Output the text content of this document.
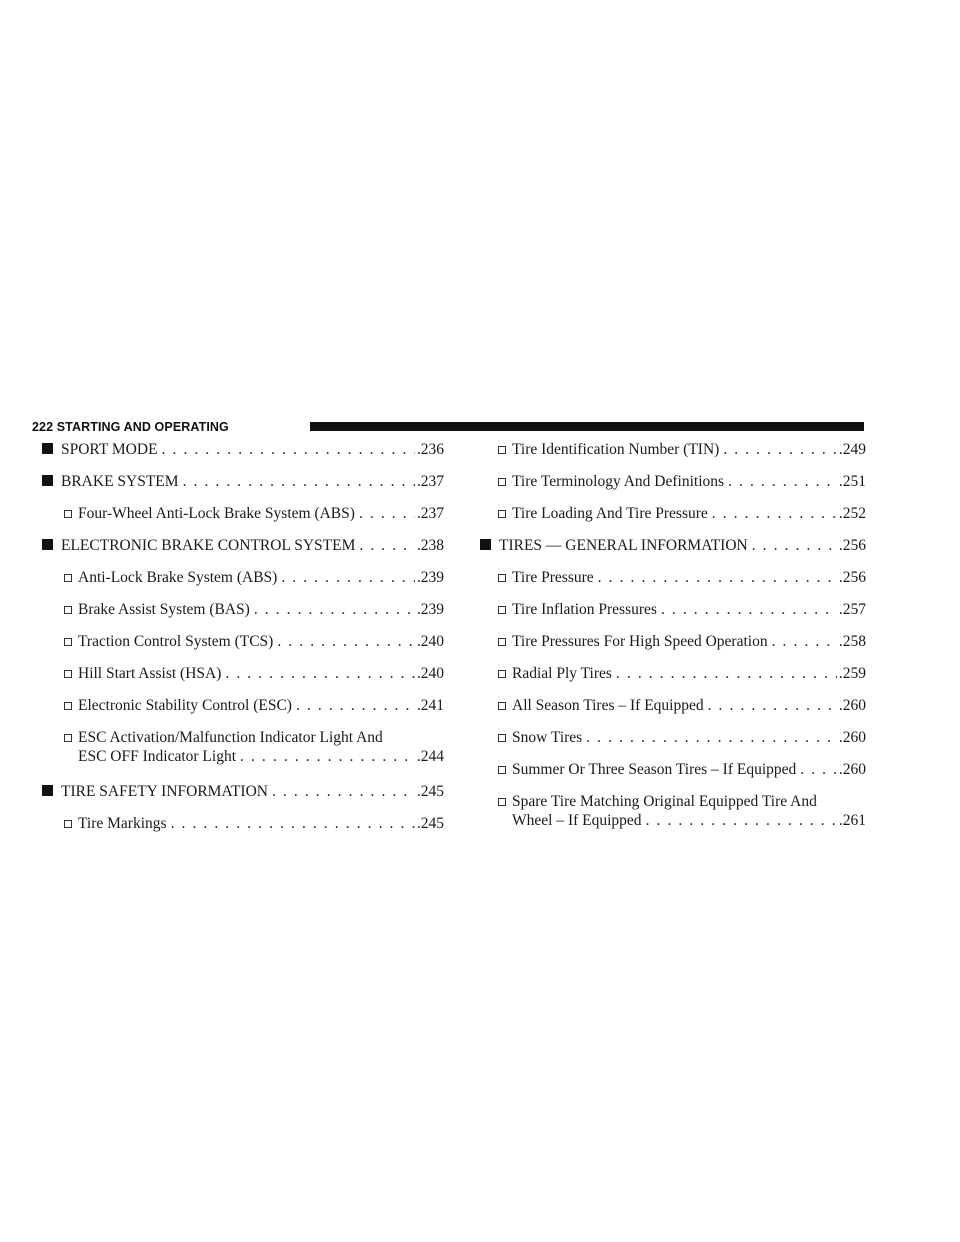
222 STARTING AND OPERATING
SPORT MODE . . .	.236
BRAKE SYSTEM . . .	.237
Four-Wheel Anti-Lock Brake System (ABS) . . .	.237
ELECTRONIC BRAKE CONTROL SYSTEM . . .	.238
Anti-Lock Brake System (ABS) . . .	.239
Brake Assist System (BAS) . . .	.239
Traction Control System (TCS) . . .	.240
Hill Start Assist (HSA) . . .	.240
Electronic Stability Control (ESC) . . .	.241
ESC Activation/Malfunction Indicator Light And
ESC OFF Indicator Light . . .	.244
TIRE SAFETY INFORMATION . . .	.245
Tire Markings . . .	.245
Tire Identification Number (TIN) . . .	.249
Tire Terminology And Definitions . . .	.251
Tire Loading And Tire Pressure . . .	.252
TIRES — GENERAL INFORMATION . . .	.256
Tire Pressure . . .	.256
Tire Inflation Pressures . . .	.257
Tire Pressures For High Speed Operation . . .	.258
Radial Ply Tires . . .	.259
All Season Tires – If Equipped . . .	.260
Snow Tires . . .	.260
Summer Or Three Season Tires – If Equipped . . .	.260
Spare Tire Matching Original Equipped Tire And
Wheel – If Equipped . . .	.261
